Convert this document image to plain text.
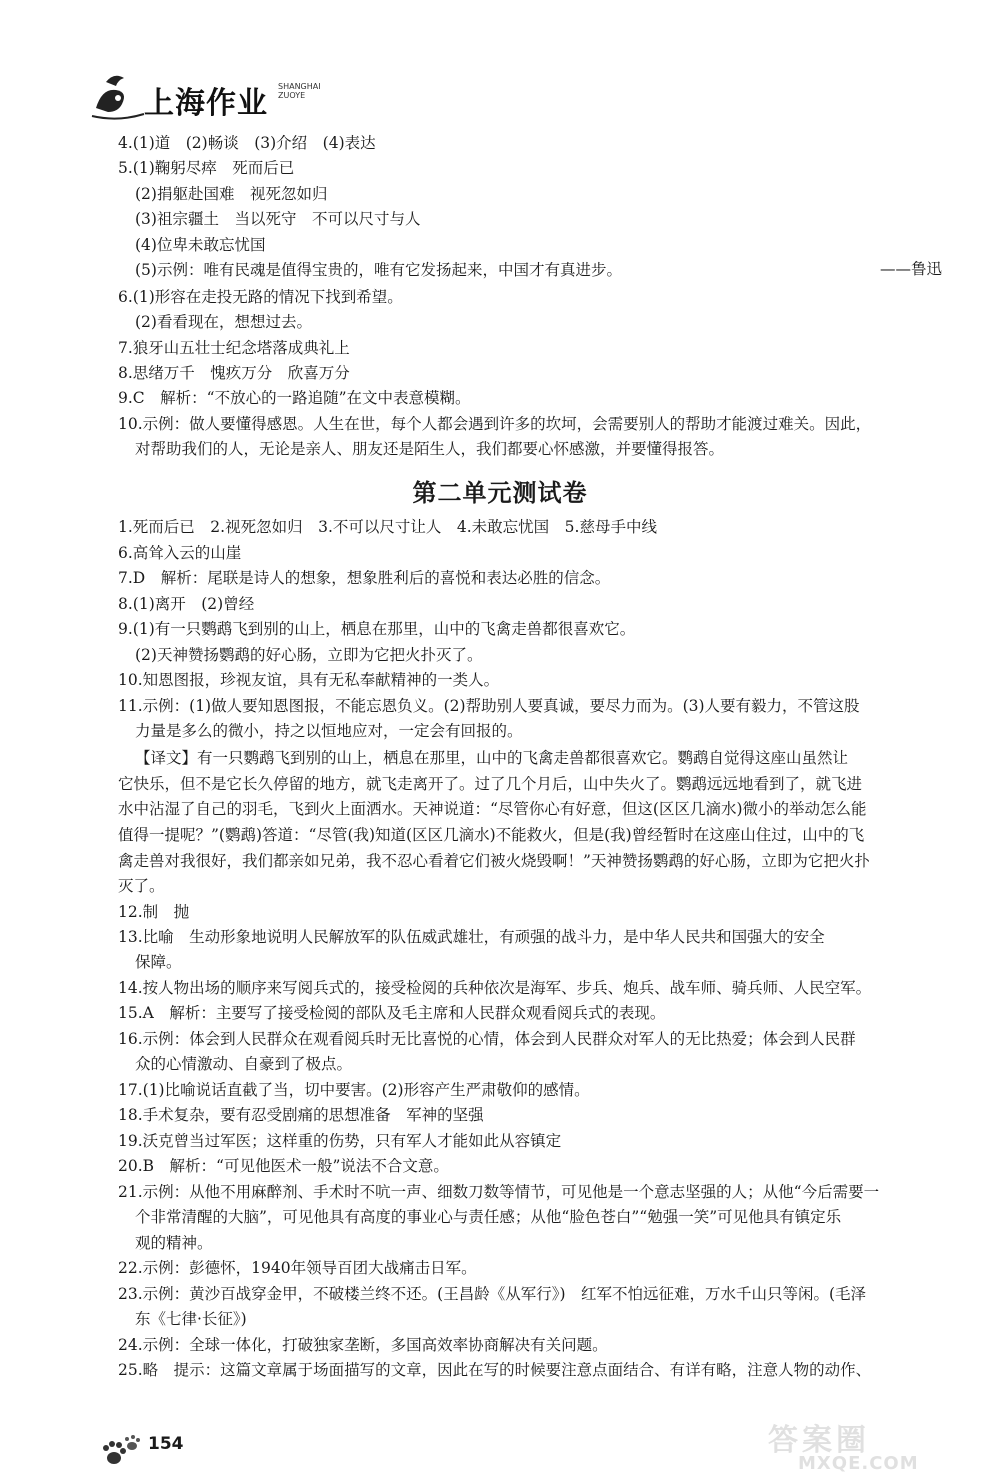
上海作业 SHANGHAI
ZUOYE
4.(1)道　(2)畅谈　(3)介绍　(4)表达
5.(1)鞠躬尽瘁　死而后已
(2)捐躯赴国难　视死忽如归
(3)祖宗疆土　当以死守　不可以尺寸与人
(4)位卑未敢忘忧国
(5)示例：唯有民魂是值得宝贵的，唯有它发扬起来，中国才有真进步。	——鲁迅
6.(1)形容在走投无路的情况下找到希望。
(2)看看现在，想想过去。
7.狼牙山五壮士纪念塔落成典礼上
8.思绪万千　愧疚万分　欣喜万分
9.C　解析：“不放心的一路追随”在文中表意模糊。
10.示例：做人要懂得感恩。人生在世，每个人都会遇到许多的坎坷，会需要别人的帮助才能渡过难关。因此，
对帮助我们的人，无论是亲人、朋友还是陌生人，我们都要心怀感激，并要懂得报答。
第二单元测试卷
1.死而后已　2.视死忽如归　3.不可以尺寸让人　4.未敢忘忧国　5.慈母手中线
6.高耸入云的山崖
7.D　解析：尾联是诗人的想象，想象胜利后的喜悦和表达必胜的信念。
8.(1)离开　(2)曾经
9.(1)有一只鹦鹉飞到别的山上，栖息在那里，山中的飞禽走兽都很喜欢它。
(2)天神赞扬鹦鹉的好心肠，立即为它把火扑灭了。
10.知恩图报，珍视友谊，具有无私奉献精神的一类人。
11.示例：(1)做人要知恩图报，不能忘恩负义。(2)帮助别人要真诚，要尽力而为。(3)人要有毅力，不管这股
力量是多么的微小，持之以恒地应对，一定会有回报的。
【译文】有一只鹦鹉飞到别的山上，栖息在那里，山中的飞禽走兽都很喜欢它。鹦鹉自觉得这座山虽然让
它快乐，但不是它长久停留的地方，就飞走离开了。过了几个月后，山中失火了。鹦鹉远远地看到了，就飞进
水中沾湿了自己的羽毛，飞到火上面洒水。天神说道：“尽管你心有好意，但这(区区几滴水)微小的举动怎么能
值得一提呢？”(鹦鹉)答道：“尽管(我)知道(区区几滴水)不能救火，但是(我)曾经暂时在这座山住过，山中的飞
禽走兽对我很好，我们都亲如兄弟，我不忍心看着它们被火烧毁啊！”天神赞扬鹦鹉的好心肠，立即为它把火扑
灭了。
12.制　抛
13.比喻　生动形象地说明人民解放军的队伍威武雄壮，有顽强的战斗力，是中华人民共和国强大的安全
保障。
14.按人物出场的顺序来写阅兵式的，接受检阅的兵种依次是海军、步兵、炮兵、战车师、骑兵师、人民空军。
15.A　解析：主要写了接受检阅的部队及毛主席和人民群众观看阅兵式的表现。
16.示例：体会到人民群众在观看阅兵时无比喜悦的心情，体会到人民群众对军人的无比热爱；体会到人民群
众的心情激动、自豪到了极点。
17.(1)比喻说话直截了当，切中要害。(2)形容产生严肃敬仰的感情。
18.手术复杂，要有忍受剧痛的思想准备　军神的坚强
19.沃克曾当过军医；这样重的伤势，只有军人才能如此从容镇定
20.B　解析：“可见他医术一般”说法不合文意。
21.示例：从他不用麻醉剂、手术时不吭一声、细数刀数等情节，可见他是一个意志坚强的人；从他“今后需要一
个非常清醒的大脑”，可见他具有高度的事业心与责任感；从他“脸色苍白”“勉强一笑”可见他具有镇定乐
观的精神。
22.示例：彭德怀，1940年领导百团大战痛击日军。
23.示例：黄沙百战穿金甲，不破楼兰终不还。(王昌龄《从军行》)　红军不怕远征难，万水千山只等闲。(毛泽
东《七律·长征》)
24.示例：全球一体化，打破独家垄断，多国高效率协商解决有关问题。
25.略　提示：这篇文章属于场面描写的文章，因此在写的时候要注意点面结合、有详有略，注意人物的动作、
154	答案圈
MXQE.COM
